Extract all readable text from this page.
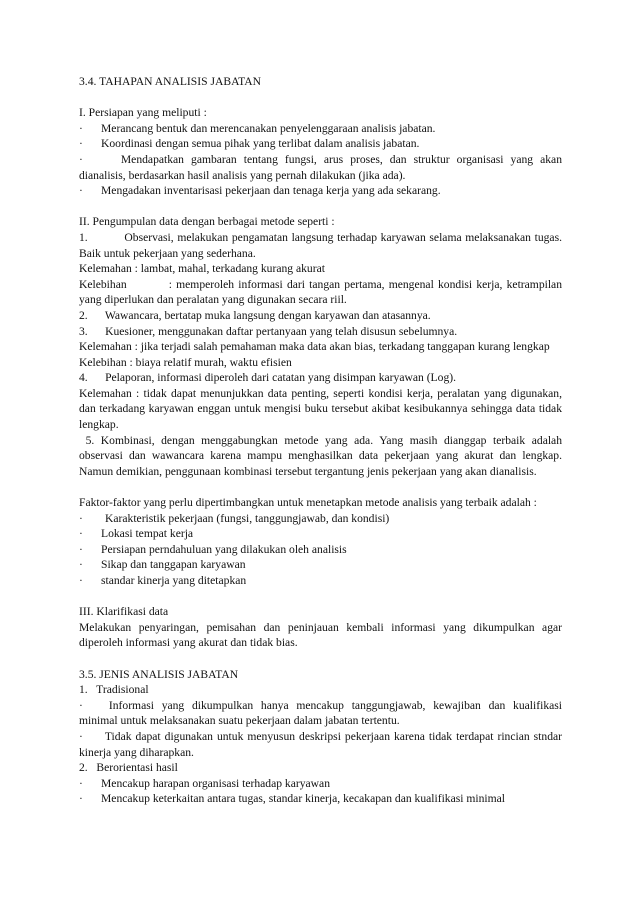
3.4. TAHAPAN ANALISIS JABATAN

I. Persiapan yang meliputi :

·	Merancang bentuk dan merencanakan penyelenggaraan analisis jabatan.
·	Koordinasi dengan semua pihak yang terlibat dalam analisis jabatan.

·	Mendapatkan gambaran tentang fungsi, arus proses, dan struktur organisasi yang akan dianalisis, berdasarkan hasil analisis yang pernah dilakukan (jika ada).

·	Mengadakan inventarisasi pekerjaan dan tenaga kerja yang ada sekarang.

II. Pengumpulan data dengan berbagai metode seperti :

1.          Observasi, melakukan pengamatan langsung terhadap karyawan selama melaksanakan tugas. Baik untuk pekerjaan yang sederhana.

Kelemahan : lambat, mahal, terkadang kurang akurat

Kelebihan          : memperoleh informasi dari tangan pertama, mengenal kondisi kerja, ketrampilan yang diperlukan dan peralatan yang digunakan secara riil.

2.      Wawancara, bertatap muka langsung dengan karyawan dan atasannya.

3.      Kuesioner, menggunakan daftar pertanyaan yang telah disusun sebelumnya.

Kelemahan : jika terjadi salah pemahaman maka data akan bias, terkadang tanggapan kurang lengkap

Kelebihan : biaya relatif murah, waktu efisien

4.      Pelaporan, informasi diperoleh dari catatan yang disimpan karyawan (Log).

Kelemahan : tidak dapat menunjukkan data penting, seperti kondisi kerja, peralatan yang digunakan, dan terkadang karyawan enggan untuk mengisi buku tersebut akibat kesibukannya sehingga data tidak lengkap.

5. Kombinasi, dengan menggabungkan metode yang ada. Yang masih dianggap terbaik adalah observasi dan wawancara karena mampu menghasilkan data pekerjaan yang akurat dan lengkap. Namun demikian, penggunaan kombinasi tersebut tergantung jenis pekerjaan yang akan dianalisis.

Faktor-faktor yang perlu dipertimbangkan untuk menetapkan metode analisis yang terbaik adalah :

·	Karakteristik pekerjaan (fungsi, tanggungjawab, dan kondisi)
·	Lokasi tempat kerja
·	Persiapan perndahuluan yang dilakukan oleh analisis
·	Sikap dan tanggapan karyawan
·	standar kinerja yang ditetapkan

III. Klarifikasi data

Melakukan penyaringan, pemisahan dan peninjauan kembali informasi yang dikumpulkan agar diperoleh informasi yang akurat dan tidak bias.

3.5. JENIS ANALISIS JABATAN

1.   Tradisional

· Informasi yang dikumpulkan hanya mencakup tanggungjawab, kewajiban dan kualifikasi minimal untuk melaksanakan suatu pekerjaan dalam jabatan tertentu.

· Tidak dapat digunakan untuk menyusun deskripsi pekerjaan karena tidak terdapat rincian stndar kinerja yang diharapkan.

2.   Berorientasi hasil

·	Mencakup harapan organisasi terhadap karyawan
·	Mencakup keterkaitan antara tugas, standar kinerja, kecakapan dan kualifikasi minimal
